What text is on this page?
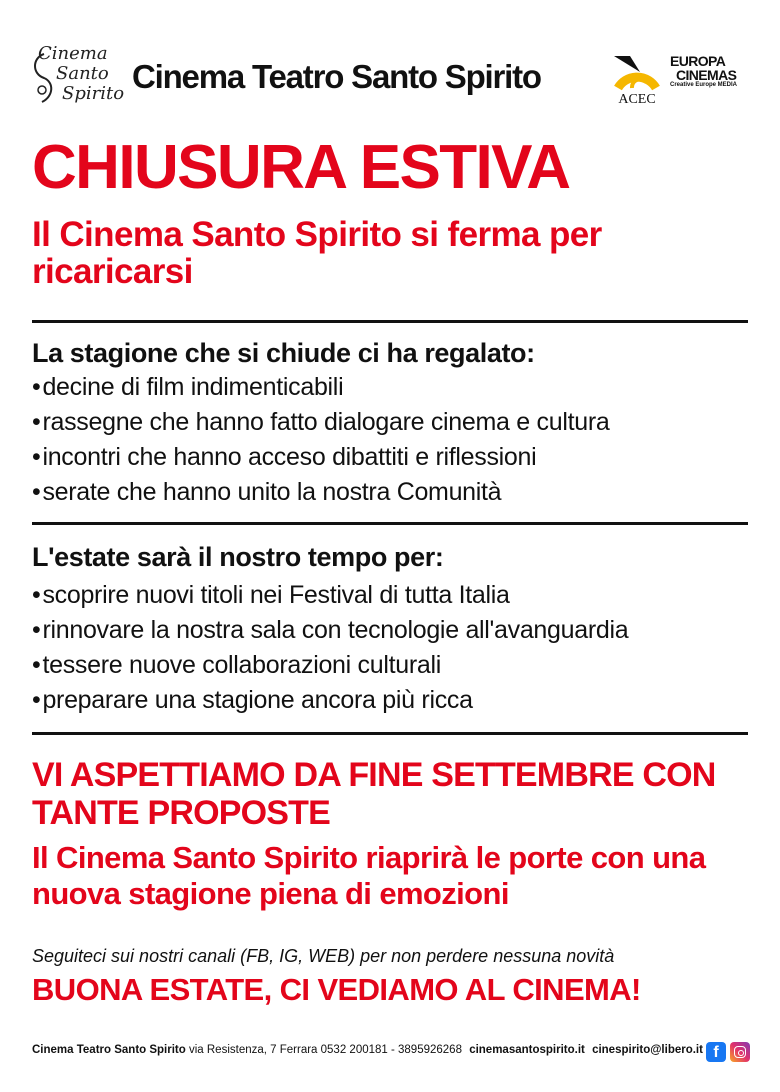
Cinema
Santo
Spirito Cinema Teatro Santo Spirito
ACEC
EUROPA
CINEMAS
Creative Europe MEDIA
CHIUSURA ESTIVA

Il Cinema Santo Spirito si ferma per ricaricarsi

La stagione che si chiude ci ha regalato:
• decine di film indimenticabili
• rassegne che hanno fatto dialogare cinema e cultura
• incontri che hanno acceso dibattiti e riflessioni
• serate che hanno unito la nostra Comunità
L'estate sarà il nostro tempo per:
• scoprire nuovi titoli nei Festival di tutta Italia
• rinnovare la nostra sala con tecnologie all'avanguardia
• tessere nuove collaborazioni culturali
• preparare una stagione ancora più ricca

VI ASPETTIAMO DA FINE SETTEMBRE CON TANTE PROPOSTE

Il Cinema Santo Spirito riaprirà le porte con una nuova stagione piena di emozioni

Seguiteci sui nostri canali (FB, IG, WEB) per non perdere nessuna novità

BUONA ESTATE, CI VEDIAMO AL CINEMA!

Cinema Teatro Santo Spirito via Resistenza, 7 Ferrara 0532 200181 - 3895926268 cinemasantospirito.it cinespirito@libero.it f
